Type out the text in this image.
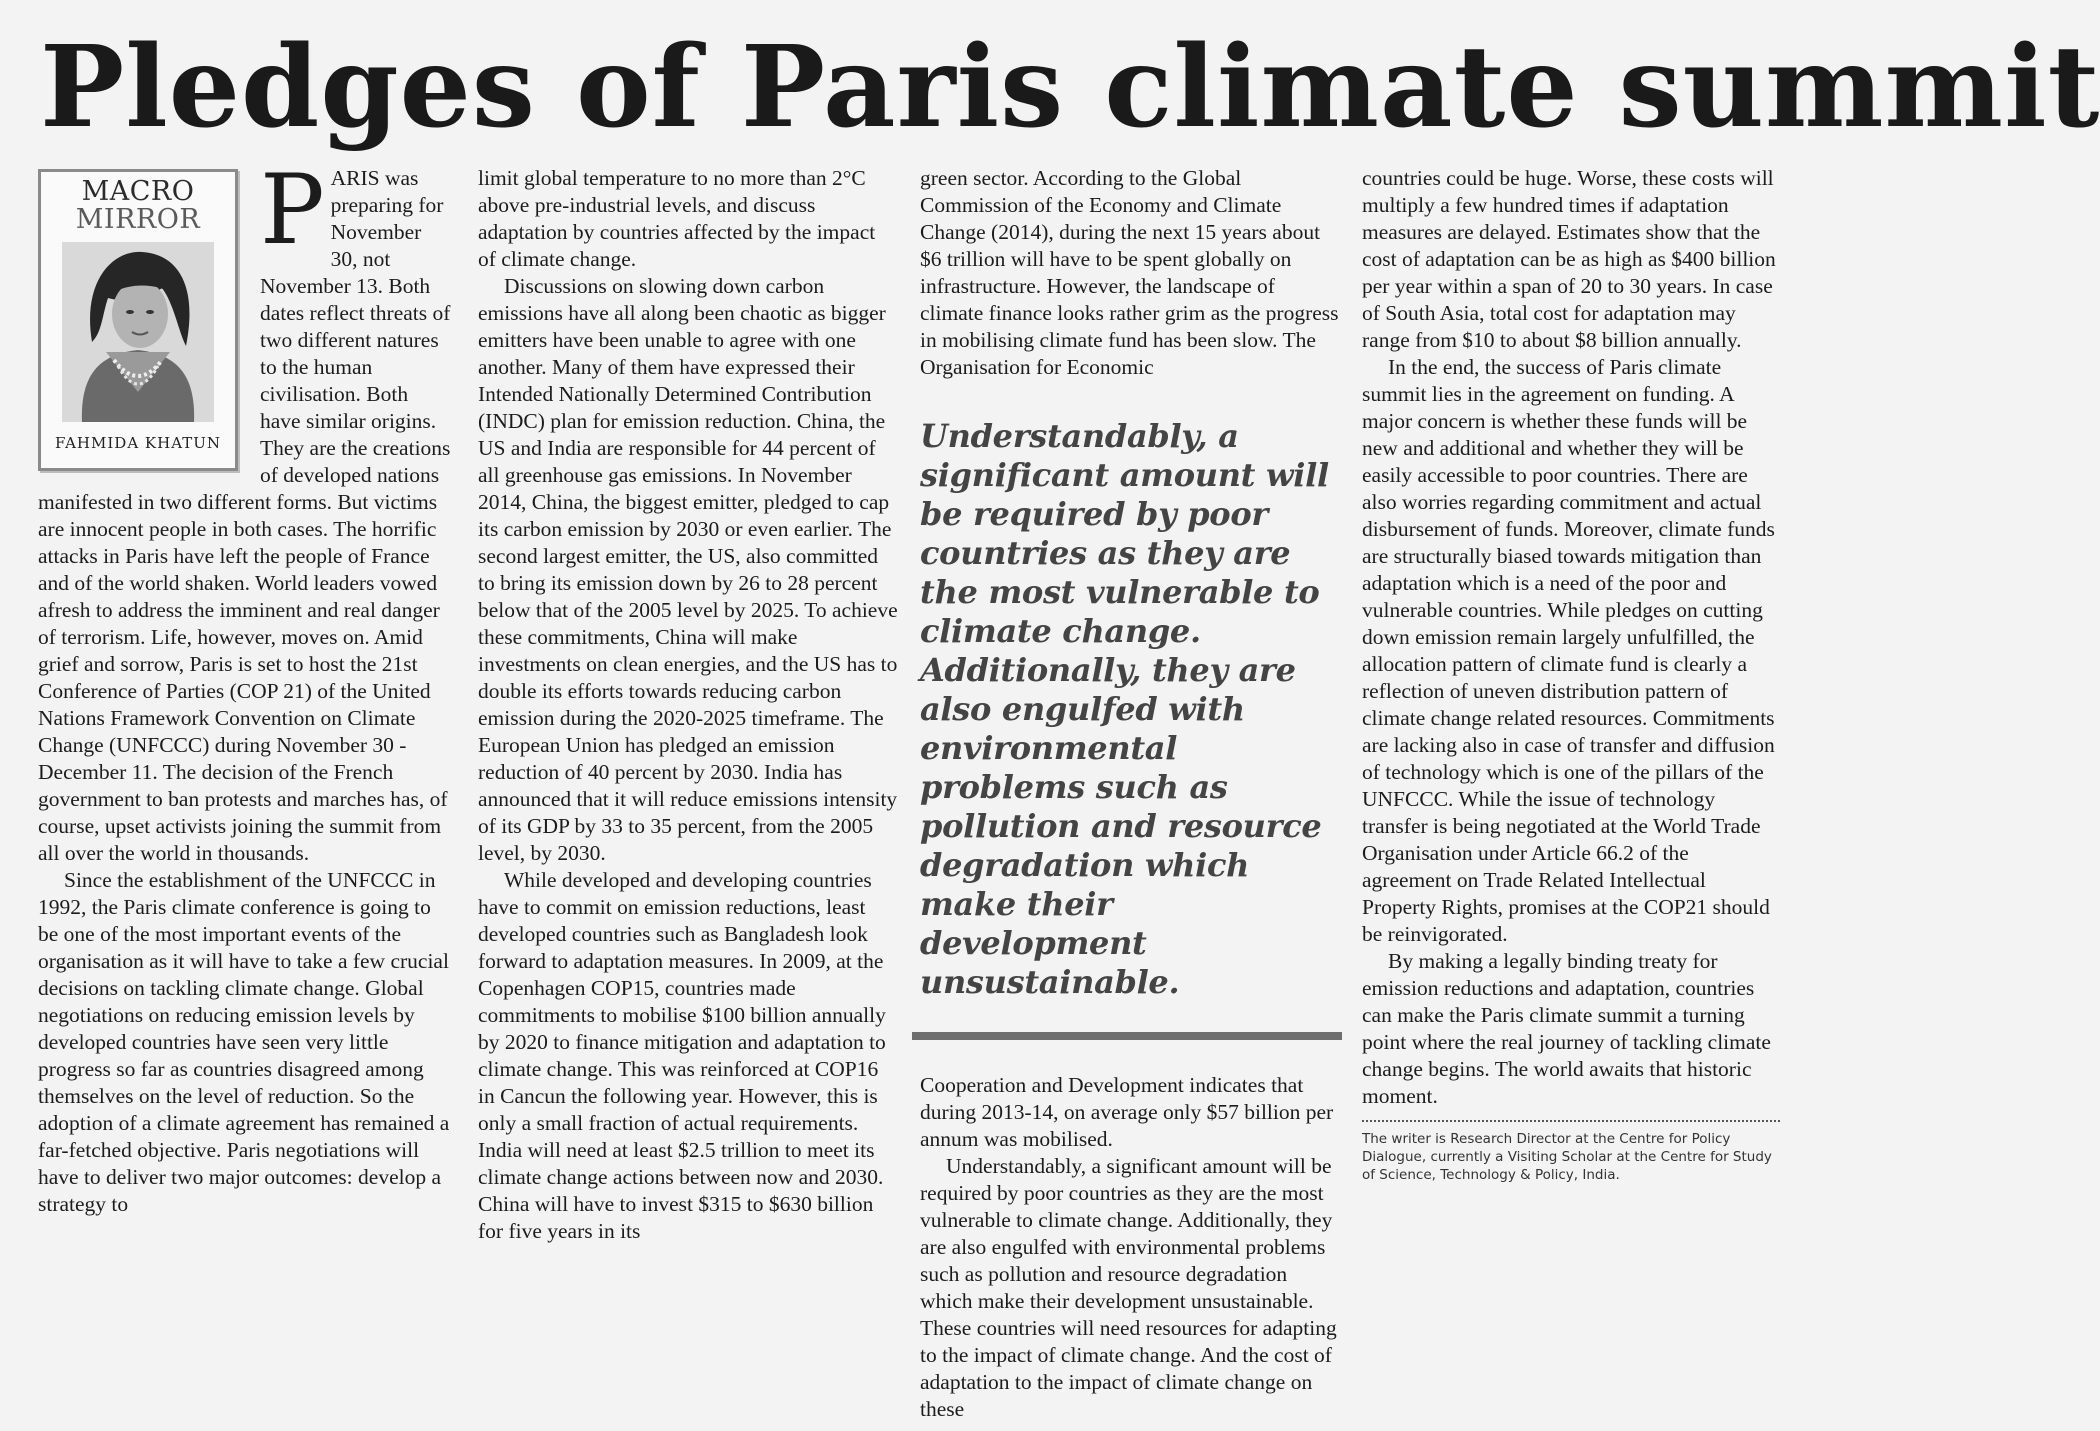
Pledges of Paris climate summit
MACRO
MIRROR
FAHMIDA KHATUN
P ARIS was preparing for November 30, not November 13. Both dates reflect threats of two different natures to the human civilisation. Both have similar origins. They are the creations of developed nations manifested in two different forms. But victims are innocent people in both cases. The horrific attacks in Paris have left the people of France and of the world shaken. World leaders vowed afresh to address the imminent and real danger of terrorism. Life, however, moves on. Amid grief and sorrow, Paris is set to host the 21st Conference of Parties (COP 21) of the United Nations Framework Convention on Climate Change (UNFCCC) during November 30 - December 11. The decision of the French government to ban protests and marches has, of course, upset activists joining the summit from all over the world in thousands.

Since the establishment of the UNFCCC in 1992, the Paris climate conference is going to be one of the most important events of the organisation as it will have to take a few crucial decisions on tackling climate change. Global negotiations on reducing emission levels by developed countries have seen very little progress so far as countries disagreed among themselves on the level of reduction. So the adoption of a climate agreement has remained a far-fetched objective. Paris negotiations will have to deliver two major outcomes: develop a strategy to

limit global temperature to no more than 2°C above pre-industrial levels, and discuss adaptation by countries affected by the impact of climate change.

Discussions on slowing down carbon emissions have all along been chaotic as bigger emitters have been unable to agree with one another. Many of them have expressed their Intended Nationally Determined Contribution (INDC) plan for emission reduction. China, the US and India are responsible for 44 percent of all greenhouse gas emissions. In November 2014, China, the biggest emitter, pledged to cap its carbon emission by 2030 or even earlier. The second largest emitter, the US, also committed to bring its emission down by 26 to 28 percent below that of the 2005 level by 2025. To achieve these commitments, China will make investments on clean energies, and the US has to double its efforts towards reducing carbon emission during the 2020-2025 timeframe. The European Union has pledged an emission reduction of 40 percent by 2030. India has announced that it will reduce emissions intensity of its GDP by 33 to 35 percent, from the 2005 level, by 2030.

While developed and developing countries have to commit on emission reductions, least developed countries such as Bangladesh look forward to adaptation measures. In 2009, at the Copenhagen COP15, countries made commitments to mobilise $100 billion annually by 2020 to finance mitigation and adaptation to climate change. This was reinforced at COP16 in Cancun the following year. However, this is only a small fraction of actual requirements. India will need at least $2.5 trillion to meet its climate change actions between now and 2030. China will have to invest $315 to $630 billion for five years in its

green sector. According to the Global Commission of the Economy and Climate Change (2014), during the next 15 years about $6 trillion will have to be spent globally on infrastructure. However, the landscape of climate finance looks rather grim as the progress in mobilising climate fund has been slow. The Organisation for Economic

Understandably, a significant amount will be required by poor countries as they are the most vulnerable to climate change. Additionally, they are also engulfed with environmental problems such as pollution and resource degradation which make their development unsustainable.

Cooperation and Development indicates that during 2013-14, on average only $57 billion per annum was mobilised.

Understandably, a significant amount will be required by poor countries as they are the most vulnerable to climate change. Additionally, they are also engulfed with environmental problems such as pollution and resource degradation which make their development unsustainable. These countries will need resources for adapting to the impact of climate change. And the cost of adaptation to the impact of climate change on these

countries could be huge. Worse, these costs will multiply a few hundred times if adaptation measures are delayed. Estimates show that the cost of adaptation can be as high as $400 billion per year within a span of 20 to 30 years. In case of South Asia, total cost for adaptation may range from $10 to about $8 billion annually.

In the end, the success of Paris climate summit lies in the agreement on funding. A major concern is whether these funds will be new and additional and whether they will be easily accessible to poor countries. There are also worries regarding commitment and actual disbursement of funds. Moreover, climate funds are structurally biased towards mitigation than adaptation which is a need of the poor and vulnerable countries. While pledges on cutting down emission remain largely unfulfilled, the allocation pattern of climate fund is clearly a reflection of uneven distribution pattern of climate change related resources. Commitments are lacking also in case of transfer and diffusion of technology which is one of the pillars of the UNFCCC. While the issue of technology transfer is being negotiated at the World Trade Organisation under Article 66.2 of the agreement on Trade Related Intellectual Property Rights, promises at the COP21 should be reinvigorated.

By making a legally binding treaty for emission reductions and adaptation, countries can make the Paris climate summit a turning point where the real journey of tackling climate change begins. The world awaits that historic moment.

The writer is Research Director at the Centre for Policy Dialogue, currently a Visiting Scholar at the Centre for Study of Science, Technology & Policy, India.
